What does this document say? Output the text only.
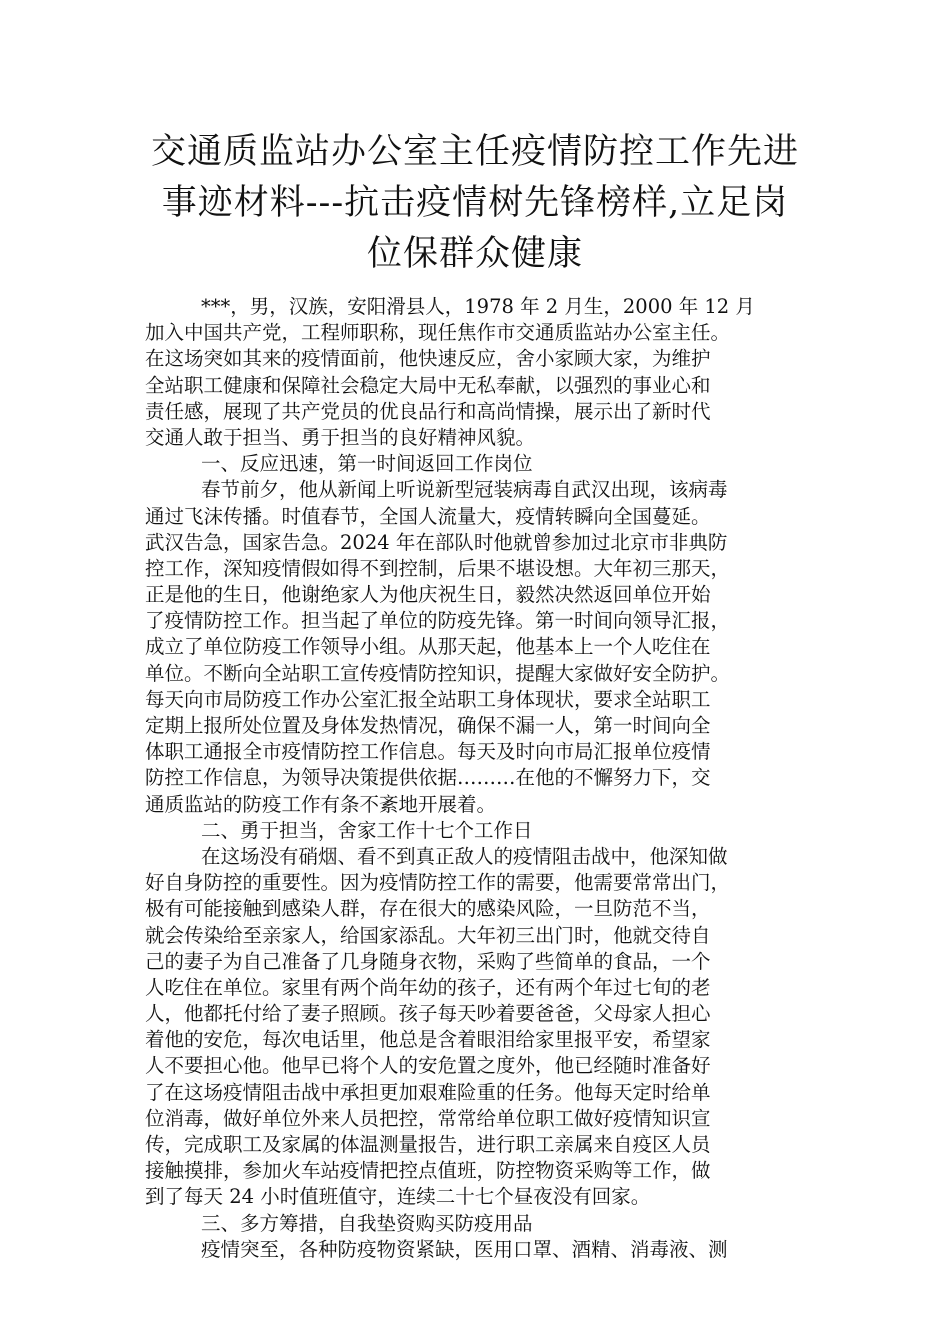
交通质监站办公室主任疫情防控工作先进
事迹材料---抗击疫情树先锋榜样,立足岗
位保群众健康
***，男，汉族，安阳滑县人，1978 年 2 月生，2000 年 12 月
加入中国共产党，工程师职称，现任焦作市交通质监站办公室主任。
在这场突如其来的疫情面前，他快速反应，舍小家顾大家，为维护
全站职工健康和保障社会稳定大局中无私奉献，以强烈的事业心和
责任感，展现了共产党员的优良品行和高尚情操，展示出了新时代
交通人敢于担当、勇于担当的良好精神风貌。
一、反应迅速，第一时间返回工作岗位
春节前夕，他从新闻上听说新型冠装病毒自武汉出现，该病毒
通过飞沫传播。时值春节，全国人流量大，疫情转瞬向全国蔓延。
武汉告急，国家告急。2024 年在部队时他就曾参加过北京市非典防
控工作，深知疫情假如得不到控制，后果不堪设想。大年初三那天，
正是他的生日，他谢绝家人为他庆祝生日，毅然决然返回单位开始
了疫情防控工作。担当起了单位的防疫先锋。第一时间向领导汇报，
成立了单位防疫工作领导小组。从那天起，他基本上一个人吃住在
单位。不断向全站职工宣传疫情防控知识，提醒大家做好安全防护。
每天向市局防疫工作办公室汇报全站职工身体现状，要求全站职工
定期上报所处位置及身体发热情况，确保不漏一人，第一时间向全
体职工通报全市疫情防控工作信息。每天及时向市局汇报单位疫情
防控工作信息，为领导决策提供依据………在他的不懈努力下，交
通质监站的防疫工作有条不紊地开展着。
二、勇于担当，舍家工作十七个工作日
在这场没有硝烟、看不到真正敌人的疫情阻击战中，他深知做
好自身防控的重要性。因为疫情防控工作的需要，他需要常常出门，
极有可能接触到感染人群，存在很大的感染风险，一旦防范不当，
就会传染给至亲家人，给国家添乱。大年初三出门时，他就交待自
己的妻子为自己准备了几身随身衣物，采购了些简单的食品，一个
人吃住在单位。家里有两个尚年幼的孩子，还有两个年过七旬的老
人，他都托付给了妻子照顾。孩子每天吵着要爸爸，父母家人担心
着他的安危，每次电话里，他总是含着眼泪给家里报平安，希望家
人不要担心他。他早已将个人的安危置之度外，他已经随时准备好
了在这场疫情阻击战中承担更加艰难险重的任务。他每天定时给单
位消毒，做好单位外来人员把控，常常给单位职工做好疫情知识宣
传，完成职工及家属的体温测量报告，进行职工亲属来自疫区人员
接触摸排，参加火车站疫情把控点值班，防控物资采购等工作，做
到了每天 24 小时值班值守，连续二十七个昼夜没有回家。
三、多方筹措，自我垫资购买防疫用品
疫情突至，各种防疫物资紧缺，医用口罩、酒精、消毒液、测
